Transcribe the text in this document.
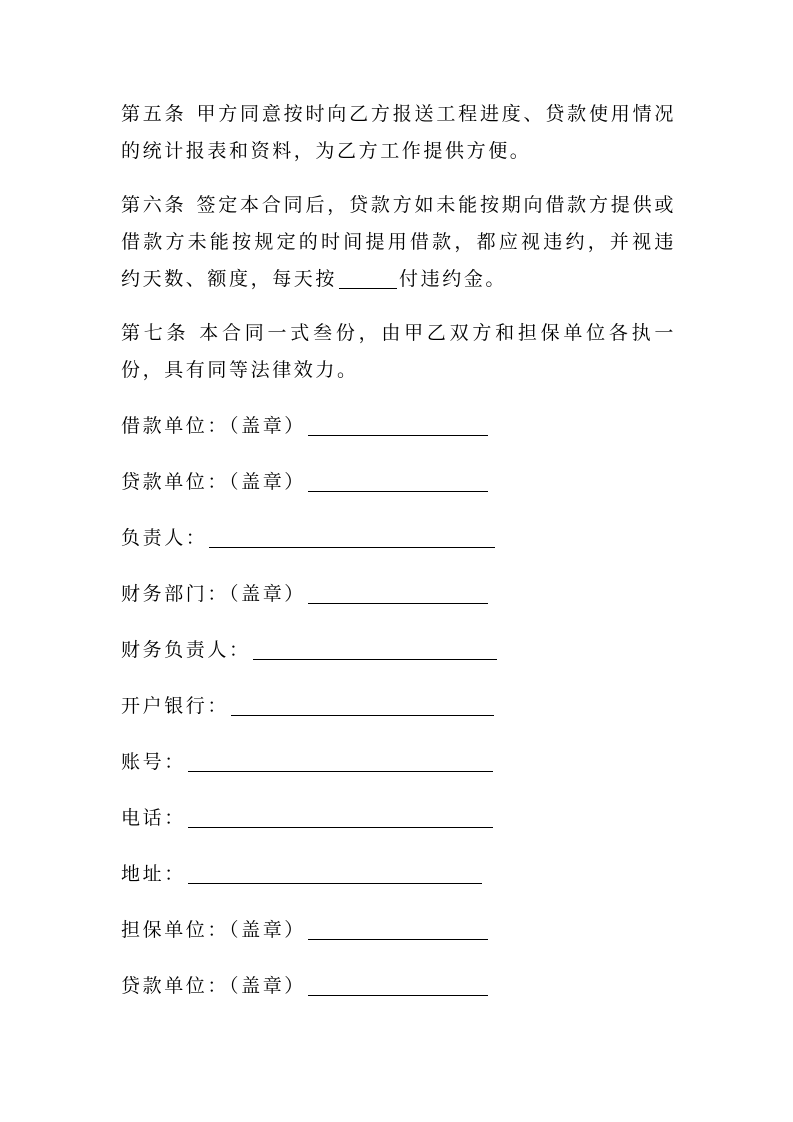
第五条 甲方同意按时向乙方报送工程进度、贷款使用情况的统计报表和资料，为乙方工作提供方便。

第六条 签定本合同后，贷款方如未能按期向借款方提供或借款方未能按规定的时间提用借款，都应视违约，并视违约天数、额度，每天按	付违约金。

第七条 本合同一式叁份，由甲乙双方和担保单位各执一份，具有同等法律效力。

借款单位：（盖章）
贷款单位：（盖章）
负责人：
财务部门：（盖章）
财务负责人：
开户银行：
账号：
电话：
地址：
担保单位：（盖章）
贷款单位：（盖章）
